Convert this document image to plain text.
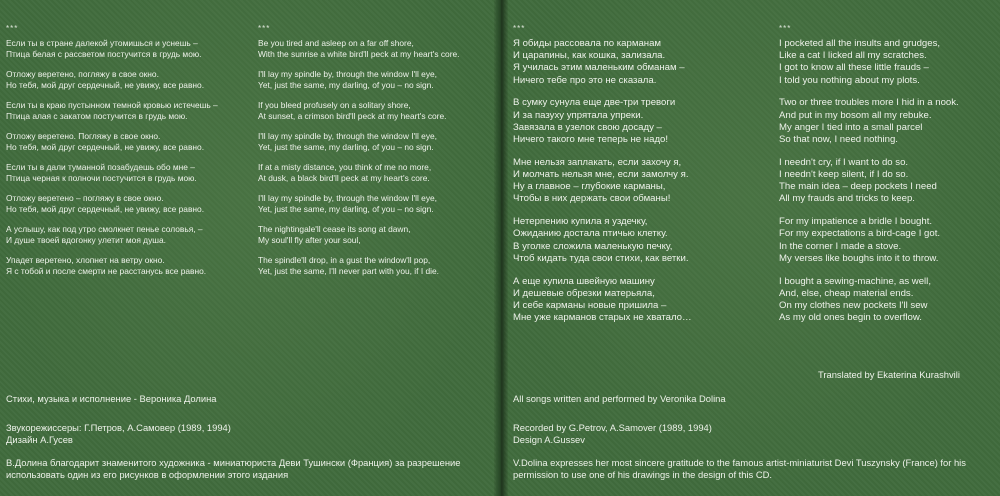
***
Если ты в стране далекой утомишься и уснешь –
Птица белая с рассветом постучится в грудь мою.
Отложу веретено, погляжу в свое окно.
Но тебя, мой друг сердечный, не увижу, все равно.
Если ты в краю пустынном темной кровью истечешь –
Птица алая с закатом постучится в грудь мою.
Отложу веретено. Погляжу в свое окно.
Но тебя, мой друг сердечный, не увижу, все равно.
Если ты в дали туманной позабудешь обо мне –
Птица черная к полночи постучится в грудь мою.
Отложу веретено – погляжу в свое окно.
Но тебя, мой друг сердечный, не увижу, все равно.
А услышу, как под утро смолкнет пенье соловья, –
И душе твоей вдогонку улетит моя душа.
Упадет веретено, хлопнет на ветру окно.
Я с тобой и после смерти не расстанусь все равно.
***
Be you tired and asleep on a far off shore,
With the sunrise a white bird'll peck at my heart's core.
I'll lay my spindle by, through the window I'll eye,
Yet, just the same, my darling, of you – no sign.
If you bleed profusely on a solitary shore,
At sunset, a crimson bird'll peck at my heart's core.
I'll lay my spindle by, through the window I'll eye,
Yet, just the same, my darling, of you – no sign.
If at a misty distance, you think of me no more,
At dusk, a black bird'll peck at my heart's core.
I'll lay my spindle by, through the window I'll eye,
Yet, just the same, my darling, of you – no sign.
The nightingale'll cease its song at dawn,
My soul'll fly after your soul,
The spindle'll drop, in a gust the window'll pop,
Yet, just the same, I'll never part with you, if I die.
***
Я обиды рассовала по карманам
И царапины, как кошка, зализала.
Я училась этим маленьким обманам –
Ничего тебе про это не сказала.
В сумку сунула еще две-три тревоги
И за пазуху упрятала упреки.
Завязала в узелок свою досаду –
Ничего такого мне теперь не надо!
Мне нельзя заплакать, если захочу я,
И молчать нельзя мне, если замолчу я.
Ну а главное – глубокие карманы,
Чтобы в них держать свои обманы!
Нетерпению купила я уздечку,
Ожиданию достала птичью клетку.
В уголке сложила маленькую печку,
Чтоб кидать туда свои стихи, как ветки.
А еще купила швейную машину
И дешевые обрезки матерьяла,
И себе карманы новые пришила –
Мне уже карманов старых не хватало…
***
I pocketed all the insults and grudges,
Like a cat I licked all my scratches.
I got to know all these little frauds –
I told you nothing about my plots.
Two or three troubles more I hid in a nook.
And put in my bosom all my rebuke.
My anger I tied into a small parcel
So that now, I need nothing.
I needn't cry, if I want to do so.
I needn't keep silent, if I do so.
The main idea – deep pockets I need
All my frauds and tricks to keep.
For my impatience a bridle I bought.
For my expectations a bird-cage I got.
In the corner I made a stove.
My verses like boughs into it to throw.
I bought a sewing-machine, as well,
And, else, cheap material ends.
On my clothes new pockets I'll sew
As my old ones begin to overflow.
Translated by Ekaterina Kurashvili
Стихи, музыка и исполнение - Вероника Долина
Звукорежиссеры: Г.Петров, А.Самовер (1989, 1994)
Дизайн А.Гусев
В.Долина благодарит знаменитого художника - миниатюриста Деви Тушински (Франция) за разрешение использовать один из его рисунков в оформлении этого издания
All songs written and performed by Veronika Dolina
Recorded by G.Petrov, A.Samover (1989, 1994)
Design A.Gussev
V.Dolina expresses her most sincere gratitude to the famous artist-miniaturist Devi Tuszynsky (France) for his permission to use one of his drawings in the design of this CD.
